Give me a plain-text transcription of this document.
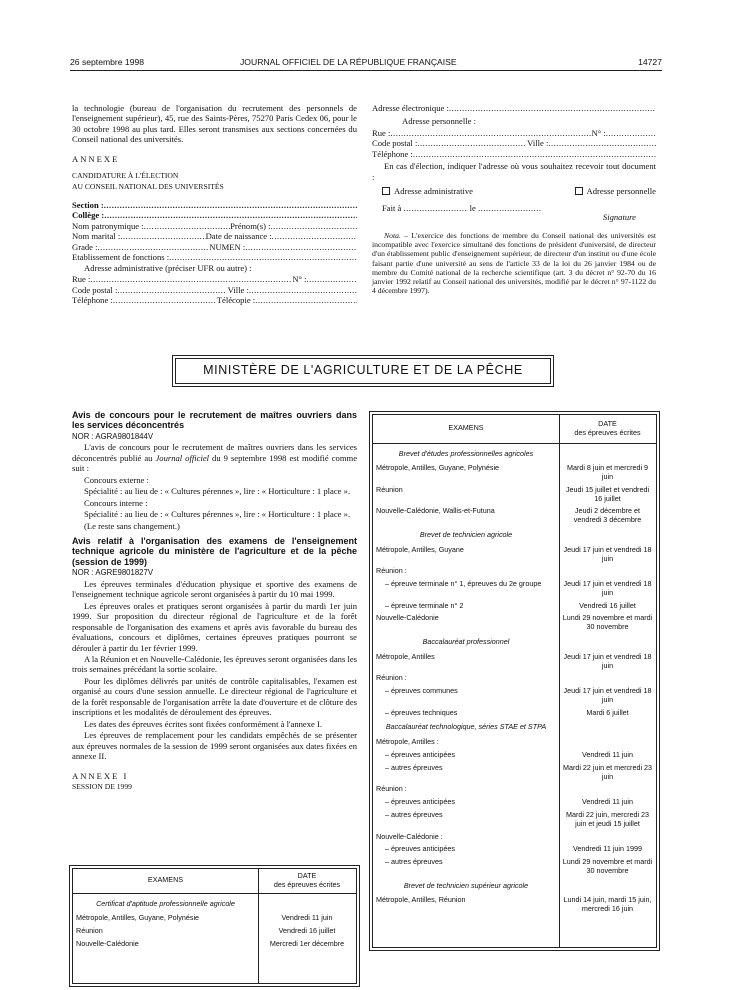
26 septembre 1998	JOURNAL OFFICIEL DE LA RÉPUBLIQUE FRANÇAISE	14727

la technologie (bureau de l'organisation du recrutement des personnels de l'enseignement supérieur), 45, rue des Saints-Pères, 75270 Paris Cedex 06, pour le 30 octobre 1998 au plus tard. Elles seront transmises aux sections concernées du Conseil national des universités.

ANNEXE

CANDIDATURE À L'ÉLECTION

AU CONSEIL NATIONAL DES UNIVERSITÉS

Section :
.....
Collège :
.....
Nom patronymique : .....	Prénom(s) :
.....
Nom marital : .....	Date de naissance :
.....
Grade : .....	NUMEN :
.....
Etablissement de fonctions :
.....

Adresse administrative (préciser UFR ou autre) :

Rue : .....	N° :
.....
Code postal : .....
	Ville :
.....
Téléphone : .....
	Télécopie :
.....
Adresse électronique :
.....

Adresse personnelle :

Rue : .....	N° :
.....
Code postal : .....
	Ville :
.....
Téléphone :
.....

En cas d'élection, indiquer l'adresse où vous souhaitez recevoir tout document :

Adresse administrative	Adresse personnelle
Fait à
.....
	le

.....

Signature

Nota. – L'exercice des fonctions de membre du Conseil national des universités est incompatible avec l'exercice simultané des fonctions de président d'université, de directeur d'un établissement public d'enseignement supérieur, de directeur d'un institut ou d'une école faisant partie d'une université au sens de l'article 33 de la loi du 26 janvier 1984 ou de membre du Comité national de la recherche scientifique (art. 3 du décret n° 92-70 du 16 janvier 1992 relatif au Conseil national des universités, modifié par le décret n° 97-1122 du 4 décembre 1997).

MINISTÈRE DE L'AGRICULTURE ET DE LA PÊCHE

Avis de concours pour le recrutement de maîtres ouvriers dans les services déconcentrés

NOR : AGRA9801844V

L'avis de concours pour le recrutement de maîtres ouvriers dans les services déconcentrés publié au Journal officiel du 9 septembre 1998 est modifié comme suit :

Concours externe :

Spécialité : au lieu de : « Cultures pérennes », lire : « Horticulture : 1 place ».

Concours interne :

Spécialité : au lieu de : « Cultures pérennes », lire : « Horticulture : 1 place ».

(Le reste sans changement.)

Avis relatif à l'organisation des examens de l'enseignement technique agricole du ministère de l'agriculture et de la pêche (session de 1999)

NOR : AGRE9801827V

Les épreuves terminales d'éducation physique et sportive des examens de l'enseignement technique agricole seront organisées à partir du 10 mai 1999.

Les épreuves orales et pratiques seront organisées à partir du mardi 1er juin 1999. Sur proposition du directeur régional de l'agriculture et de la forêt responsable de l'organisation des examens et après avis favorable du bureau des évaluations, concours et diplômes, certaines épreuves pratiques pourront se dérouler à partir du 1er février 1999.

A la Réunion et en Nouvelle-Calédonie, les épreuves seront organisées dans les trois semaines précédant la sortie scolaire.

Pour les diplômes délivrés par unités de contrôle capitalisables, l'examen est organisé au cours d'une session annuelle. Le directeur régional de l'agriculture et de la forêt responsable de l'organisation arrête la date d'ouverture et de clôture des inscriptions et les modalités de déroulement des épreuves.

Les dates des épreuves écrites sont fixées conformément à l'annexe I.

Les épreuves de remplacement pour les candidats empêchés de se présenter aux épreuves normales de la session de 1999 seront organisées aux dates fixées en annexe II.

ANNEXE I

SESSION DE 1999

EXAMENS	DATE
des épreuves écrites
Certificat d'aptitude professionnelle agricole	
Métropole, Antilles, Guyane, Polynésie	Vendredi 11 juin
Réunion	Vendredi 16 juillet
Nouvelle-Calédonie	Mercredi 1er décembre
EXAMENS	DATE
des épreuves écrites
Brevet d'études professionnelles agricoles	
Métropole, Antilles, Guyane, Polynésie	Mardi 8 juin et mercredi 9 juin
Réunion	Jeudi 15 juillet et vendredi 16 juillet
Nouvelle-Calédonie, Wallis-et-Futuna	Jeudi 2 décembre et vendredi 3 décembre
Brevet de technicien agricole	
Métropole, Antilles, Guyane	Jeudi 17 juin et vendredi 18 juin
Réunion :	
– épreuve terminale n° 1, épreuves du 2e groupe	Jeudi 17 juin et vendredi 18 juin
– épreuve terminale n° 2	Vendredi 16 juillet
Nouvelle-Calédonie	Lundi 29 novembre et mardi 30 novembre
Baccalauréat professionnel	
Métropole, Antilles	Jeudi 17 juin et vendredi 18 juin
Réunion :	
– épreuves communes	Jeudi 17 juin et vendredi 18 juin
– épreuves techniques	Mardi 6 juillet
Baccalauréat technologique, séries STAE et STPA	
Métropole, Antilles :	
– épreuves anticipées	Vendredi 11 juin
– autres épreuves	Mardi 22 juin et mercredi 23 juin
Réunion :	
– épreuves anticipées	Vendredi 11 juin
– autres épreuves	Mardi 22 juin, mercredi 23 juin et jeudi 15 juillet
Nouvelle-Calédonie :	
– épreuves anticipées	Vendredi 11 juin 1999
– autres épreuves	Lundi 29 novembre et mardi 30 novembre
Brevet de technicien supérieur agricole	
Métropole, Antilles, Réunion	Lundi 14 juin, mardi 15 juin, mercredi 16 juin
